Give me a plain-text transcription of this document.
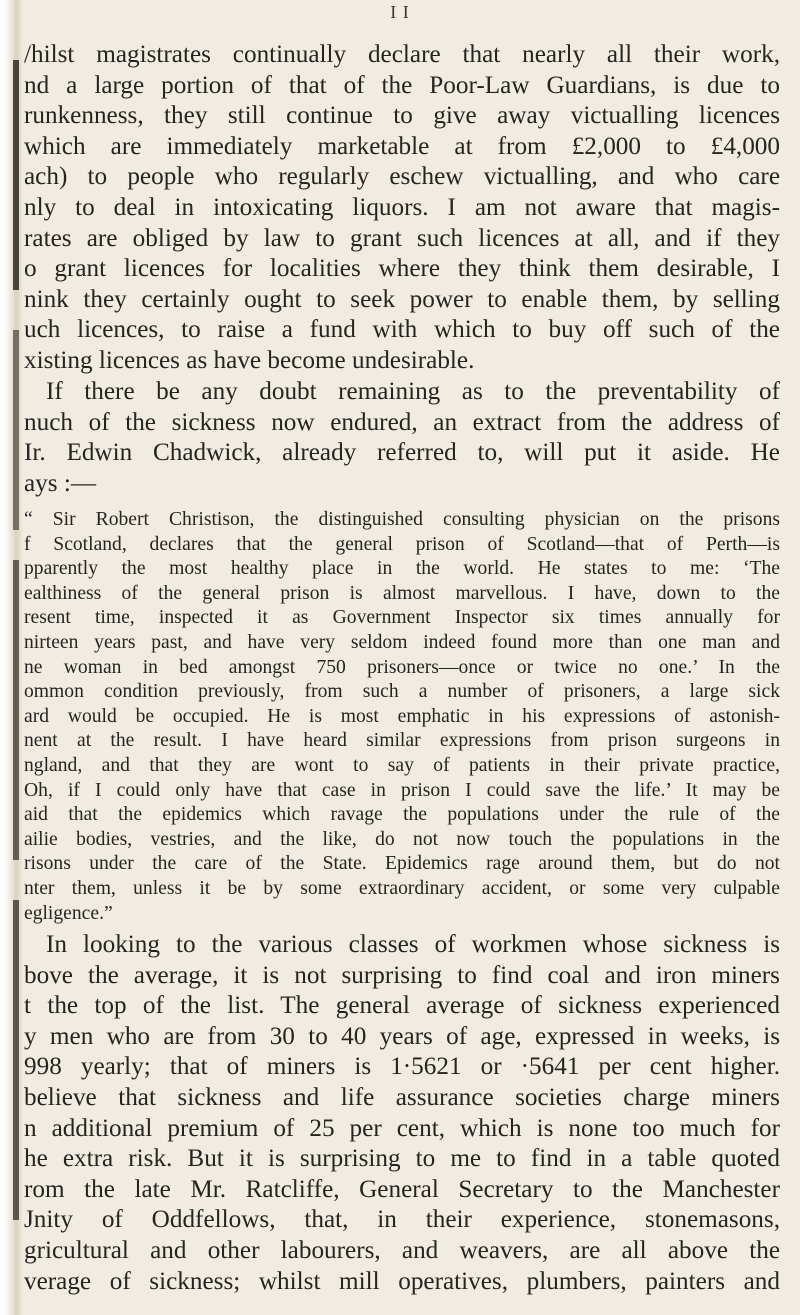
I I
/hilst magistrates continually declare that nearly all their work,
nd a large portion of that of the Poor-Law Guardians, is due to
runkenness, they still continue to give away victualling licences
which are immediately marketable at from £2,000 to £4,000
ach) to people who regularly eschew victualling, and who care
nly to deal in intoxicating liquors. I am not aware that magis-
rates are obliged by law to grant such licences at all, and if they
o grant licences for localities where they think them desirable, I
nink they certainly ought to seek power to enable them, by selling
uch licences, to raise a fund with which to buy off such of the
xisting licences as have become undesirable.
If there be any doubt remaining as to the preventability of
nuch of the sickness now endured, an extract from the address of
Ir. Edwin Chadwick, already referred to, will put it aside. He
ays :—
“ Sir Robert Christison, the distinguished consulting physician on the prisons
f Scotland, declares that the general prison of Scotland—that of Perth—is
pparently the most healthy place in the world. He states to me: ‘The
ealthiness of the general prison is almost marvellous. I have, down to the
resent time, inspected it as Government Inspector six times annually for
nirteen years past, and have very seldom indeed found more than one man and
ne woman in bed amongst 750 prisoners—once or twice no one.’ In the
ommon condition previously, from such a number of prisoners, a large sick
ard would be occupied. He is most emphatic in his expressions of astonish-
nent at the result. I have heard similar expressions from prison surgeons in
ngland, and that they are wont to say of patients in their private practice,
Oh, if I could only have that case in prison I could save the life.’ It may be
aid that the epidemics which ravage the populations under the rule of the
ailie bodies, vestries, and the like, do not now touch the populations in the
risons under the care of the State. Epidemics rage around them, but do not
nter them, unless it be by some extraordinary accident, or some very culpable
egligence.”
In looking to the various classes of workmen whose sickness is
bove the average, it is not surprising to find coal and iron miners
t the top of the list. The general average of sickness experienced
y men who are from 30 to 40 years of age, expressed in weeks, is
998 yearly; that of miners is 1·5621 or ·5641 per cent higher.
believe that sickness and life assurance societies charge miners
n additional premium of 25 per cent, which is none too much for
he extra risk. But it is surprising to me to find in a table quoted
rom the late Mr. Ratcliffe, General Secretary to the Manchester
Jnity of Oddfellows, that, in their experience, stonemasons,
gricultural and other labourers, and weavers, are all above the
verage of sickness; whilst mill operatives, plumbers, painters and
